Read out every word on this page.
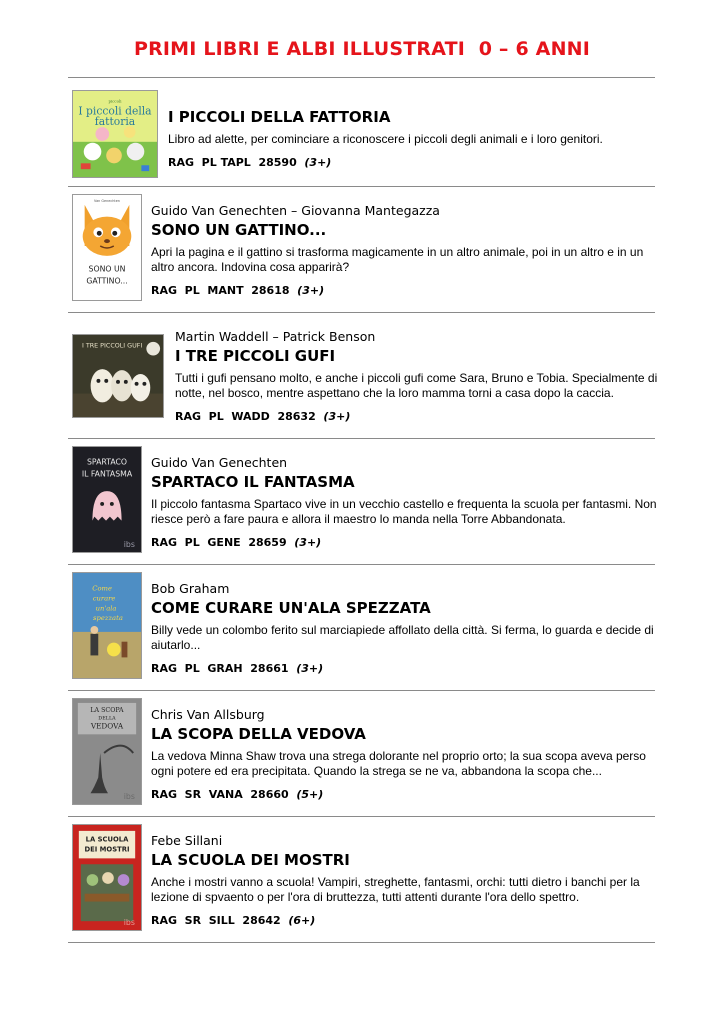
PRIMI LIBRI E ALBI ILLUSTRATI  0 – 6 ANNI
piccoli
I piccoli della
fattoria I PICCOLI DELLA FATTORIA
Libro ad alette, per cominciare a riconoscere i piccoli degli animali e i loro genitori.
RAG  PL TAPL  28590 (3+)
SONO UN
GATTINO...
Van Genechten
Guido Van Genechten – Giovanna Mantegazza
SONO UN GATTINO...
Apri la pagina e il gattino si trasforma magicamente in un altro animale, poi in un altro e in un altro ancora. Indovina cosa apparirà?
RAG  PL  MANT  28618 (3+)
I TRE PICCOLI GUFI
Martin Waddell – Patrick Benson
I TRE PICCOLI GUFI
Tutti i gufi pensano molto, e anche i piccoli gufi come Sara, Bruno e Tobia. Specialmente di notte, nel bosco, mentre aspettano che la loro mamma torni a casa dopo la caccia.
RAG  PL  WADD  28632 (3+)
SPARTACO
IL FANTASMA
ibs
Guido Van Genechten
SPARTACO IL FANTASMA
Il piccolo fantasma Spartaco vive in un vecchio castello e frequenta la scuola per fantasmi. Non riesce però a fare paura e allora il maestro lo manda nella Torre Abbandonata.
RAG  PL  GENE  28659 (3+)
Come
curare
un'ala
spezzata
Bob Graham
COME CURARE UN'ALA SPEZZATA
Billy vede un colombo ferito sul marciapiede affollato della città. Si ferma, lo guarda e decide di aiutarlo...
RAG  PL  GRAH  28661 (3+)
LA SCOPA
DELLA
VEDOVA
ibs
Chris Van Allsburg
LA SCOPA DELLA VEDOVA
La vedova Minna Shaw trova una strega dolorante nel proprio orto; la sua scopa aveva perso ogni potere ed era precipitata. Quando la strega se ne va, abbandona la scopa che...
RAG  SR  VANA  28660 (5+)
LA SCUOLA
DEI MOSTRI
ibs
Febe Sillani
LA SCUOLA DEI MOSTRI
Anche i mostri vanno a scuola! Vampiri, streghette, fantasmi, orchi: tutti dietro i banchi per la lezione di spvaento o per l'ora di bruttezza, tutti attenti durante l'ora dello spettro.
RAG  SR  SILL  28642 (6+)
